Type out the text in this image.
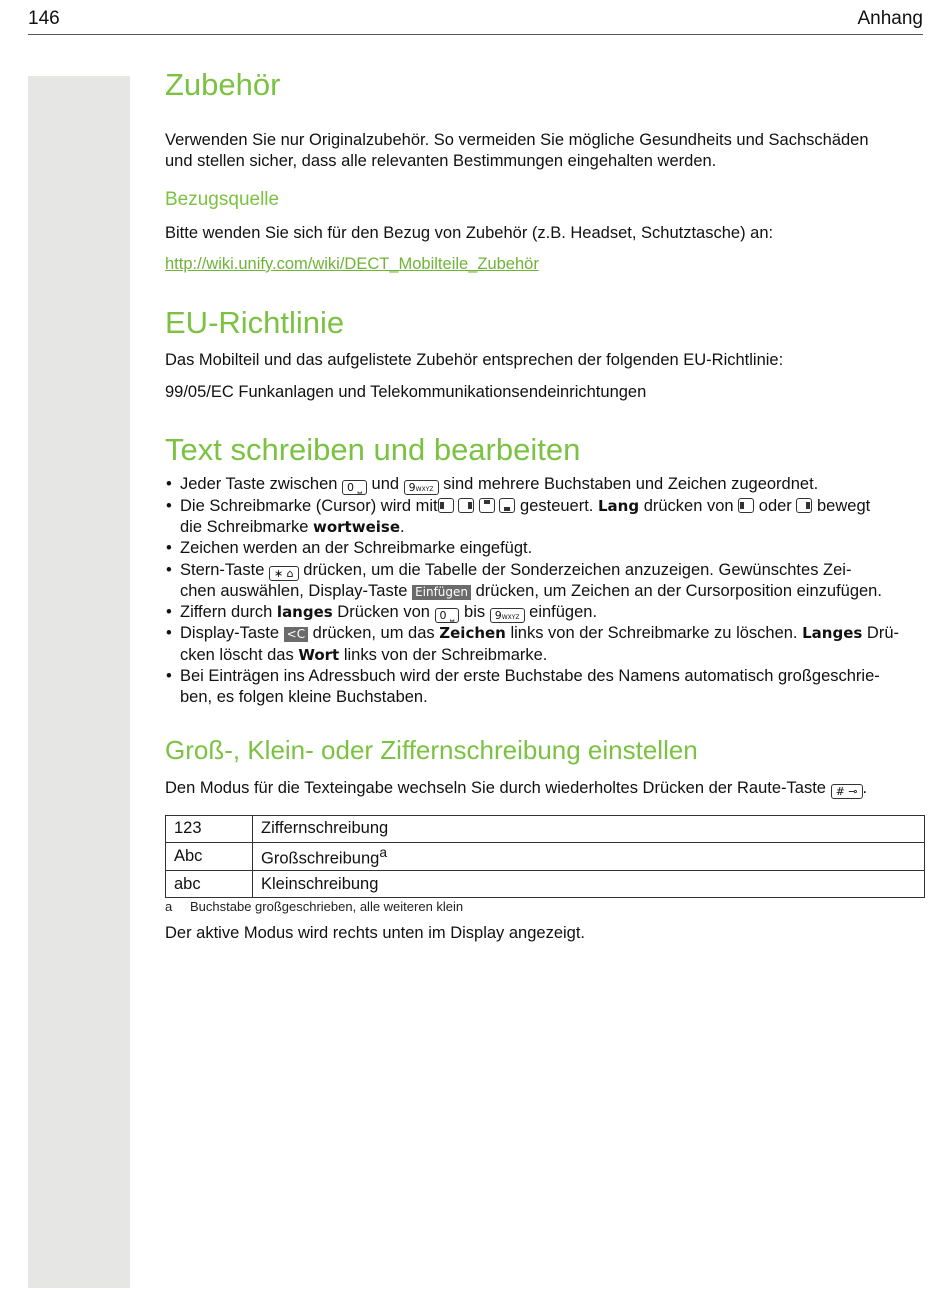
146	Anhang
Zubehör

Verwenden Sie nur Originalzubehör. So vermeiden Sie mögliche Gesundheits und Sachschäden

und stellen sicher, dass alle relevanten Bestimmungen eingehalten werden.

Bezugsquelle

Bitte wenden Sie sich für den Bezug von Zubehör (z.B. Headset, Schutztasche) an:

http://wiki.unify.com/wiki/DECT_Mobilteile_Zubehör
EU-Richtlinie

Das Mobilteil und das aufgelistete Zubehör entsprechen der folgenden EU-Richtlinie:

99/05/EC Funkanlagen und Telekommunikationsendeinrichtungen

Text schreiben und bearbeiten
• Jeder Taste zwischen 0 ⎵ und 9WXYZ sind mehrere Buchstaben und Zeichen zugeordnet.
• Die Schreibmarke (Cursor) wird mit	gesteuert. Lang drücken von oder bewegt
die Schreibmarke wortweise.
• Zeichen werden an der Schreibmarke eingefügt.
• Stern-Taste ∗ ⌂ drücken, um die Tabelle der Sonderzeichen anzuzeigen. Gewünschtes Zei-
chen auswählen, Display-Taste Einfügen drücken, um Zeichen an der Cursorposition einzufügen.
• Ziffern durch langes Drücken von 0 ⎵ bis 9WXYZ einfügen.
• Display-Taste <C drücken, um das Zeichen links von der Schreibmarke zu löschen. Langes Drü-
cken löscht das Wort links von der Schreibmarke.
• Bei Einträgen ins Adressbuch wird der erste Buchstabe des Namens automatisch großgeschrie-
ben, es folgen kleine Buchstaben.
Groß-, Klein- oder Ziffernschreibung einstellen

Den Modus für die Texteingabe wechseln Sie durch wiederholtes Drücken der Raute-Taste # ⊸ .

123	Ziffernschreibung
Abc	Großschreibung$^a$
abc	Kleinschreibung
a Buchstabe großgeschrieben, alle weiteren klein

Der aktive Modus wird rechts unten im Display angezeigt.
